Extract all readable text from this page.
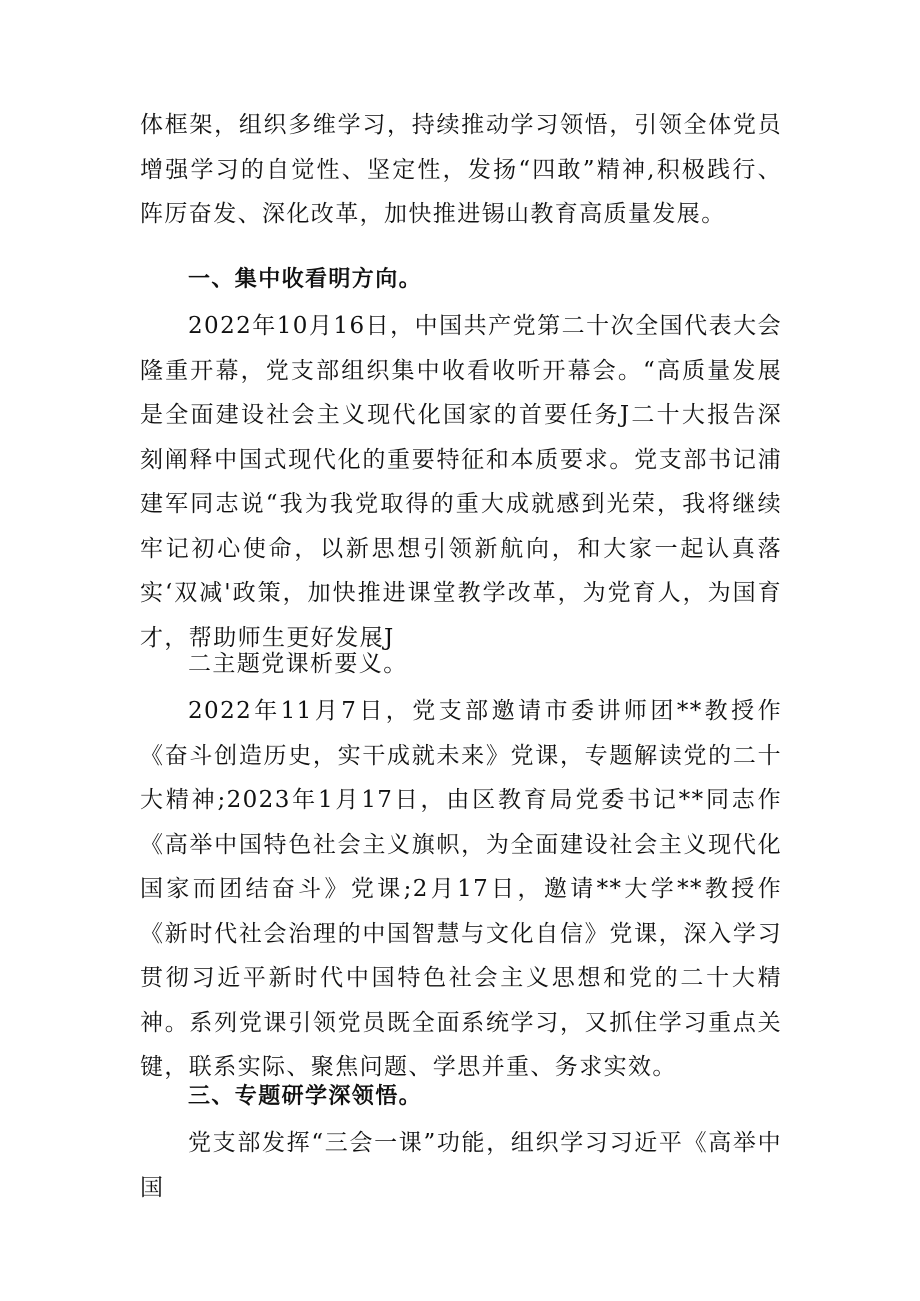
体框架，组织多维学习，持续推动学习领悟，引领全体党员增强学习的自觉性、坚定性，发扬“四敢”精神,积极践行、阵厉奋发、深化改革，加快推进锡山教育高质量发展。

一、集中收看明方向。

2022年10月16日，中国共产党第二十次全国代表大会隆重开幕，党支部组织集中收看收听开幕会。“高质量发展是全面建设社会主义现代化国家的首要任务J二十大报告深刻阐释中国式现代化的重要特征和本质要求。党支部书记浦建军同志说“我为我党取得的重大成就感到光荣，我将继续牢记初心使命，以新思想引领新航向，和大家一起认真落实‘双减'政策，加快推进课堂教学改革，为党育人，为国育才，帮助师生更好发展J

二主题党课析要义。

2022年11月7日，党支部邀请市委讲师团**教授作《奋斗创造历史，实干成就未来》党课，专题解读党的二十大精神;2023年1月17日，由区教育局党委书记**同志作《高举中国特色社会主义旗帜，为全面建设社会主义现代化国家而团结奋斗》党课;2月17日，邀请**大学**教授作《新时代社会治理的中国智慧与文化自信》党课，深入学习贯彻习近平新时代中国特色社会主义思想和党的二十大精神。系列党课引领党员既全面系统学习，又抓住学习重点关键，联系实际、聚焦问题、学思并重、务求实效。

三、专题研学深领悟。

党支部发挥“三会一课”功能，组织学习习近平《高举中国
